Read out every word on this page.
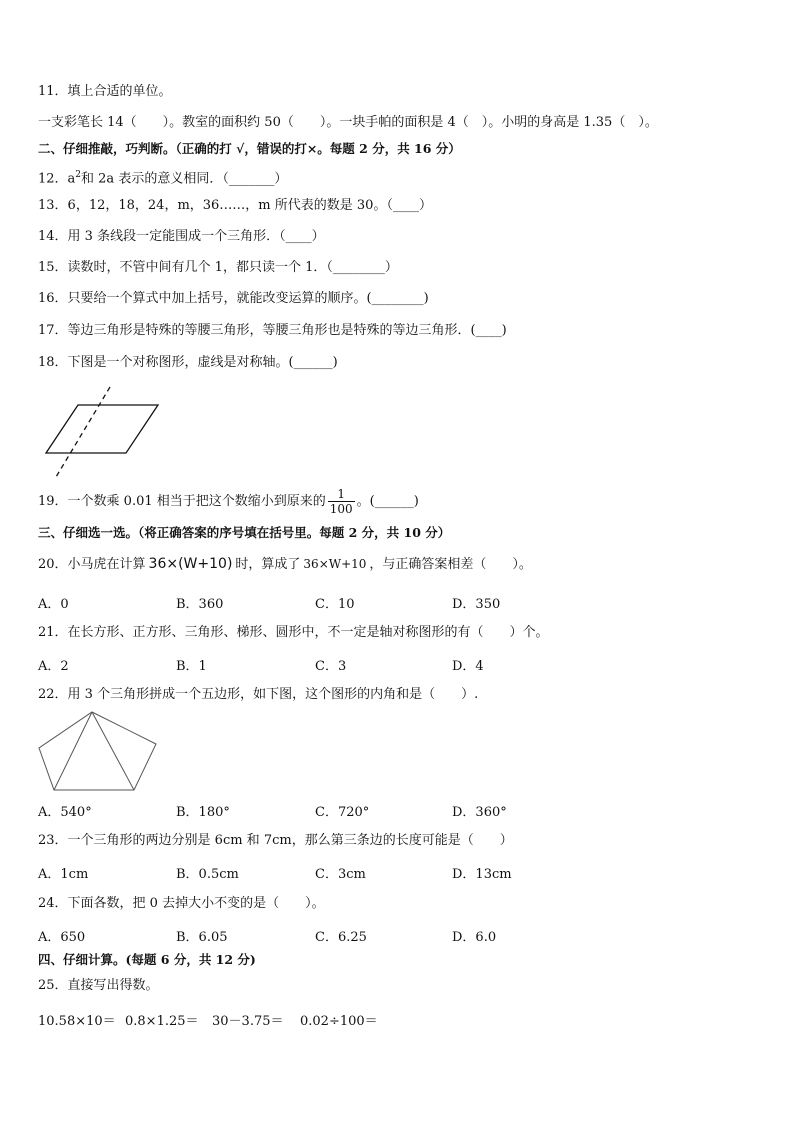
11．填上合适的单位。
一支彩笔长 14（　　）。教室的面积约 50（　　）。一块手帕的面积是 4（　）。小明的身高是 1.35（　）。
二、仔细推敲，巧判断。（正确的打 √，错误的打×。每题 2 分，共 16 分）
12．$a^2$和 2a 表示的意义相同．（_______）
13．6，12，18，24，m，36……，m 所代表的数是 30。（____）
14．用 3 条线段一定能围成一个三角形．（____）
15．读数时，不管中间有几个 1，都只读一个 1．（________）
16．只要给一个算式中加上括号，就能改变运算的顺序。(________)
17．等边三角形是特殊的等腰三角形，等腰三角形也是特殊的等边三角形．(____)
18．下图是一个对称图形，虚线是对称轴。(______)
19．一个数乘 0.01 相当于把这个数缩小到原来的 $\frac{1}{100}$ 。(______)
三、仔细选一选。（将正确答案的序号填在括号里。每题 2 分，共 10 分）
20．小马虎在计算 36×(W+10) 时，算成了 36×W+10 ，与正确答案相差（　　）。
A．0	B．360	C．10	D．350
21．在长方形、正方形、三角形、梯形、圆形中，不一定是轴对称图形的有（　　）个。
A．2	B．1	C．3	D．4
22．用 3 个三角形拼成一个五边形，如下图，这个图形的内角和是（　　）.
A．540°	B．180°	C．720°	D．360°
23．一个三角形的两边分别是 6cm 和 7cm，那么第三条边的长度可能是（　　）
A．1cm	B．0.5cm	C．3cm	D．13cm
24．下面各数，把 0 去掉大小不变的是（　　）。
A．650	B．6.05	C．6.25	D．6.0
四、仔细计算。(每题 6 分，共 12 分)
25．直接写出得数。
10.58×10＝ 0.8×1.25＝ 30－3.75＝ 0.02÷100＝
